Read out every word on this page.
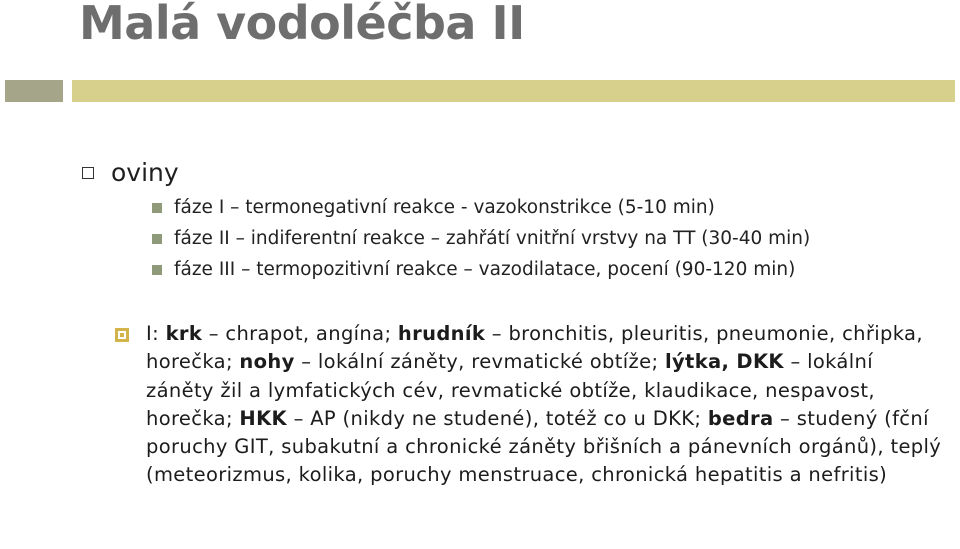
Malá vodoléčba II
oviny
fáze I – termonegativní reakce - vazokonstrikce (5-10 min)
fáze II – indiferentní reakce – zahřátí vnitřní vrstvy na TT (30-40 min)
fáze III – termopozitivní reakce – vazodilatace, pocení (90-120 min)
I: krk – chrapot, angína; hrudník – bronchitis, pleuritis, pneumonie, chřipka, horečka; nohy – lokální záněty, revmatické obtíže; lýtka, DKK – lokální záněty žil a lymfatických cév, revmatické obtíže, klaudikace, nespavost, horečka; HKK – AP (nikdy ne studené), totéž co u DKK; bedra – studený (fční poruchy GIT, subakutní a chronické záněty břišních a pánevních orgánů), teplý (meteorizmus, kolika, poruchy menstruace, chronická hepatitis a nefritis)
